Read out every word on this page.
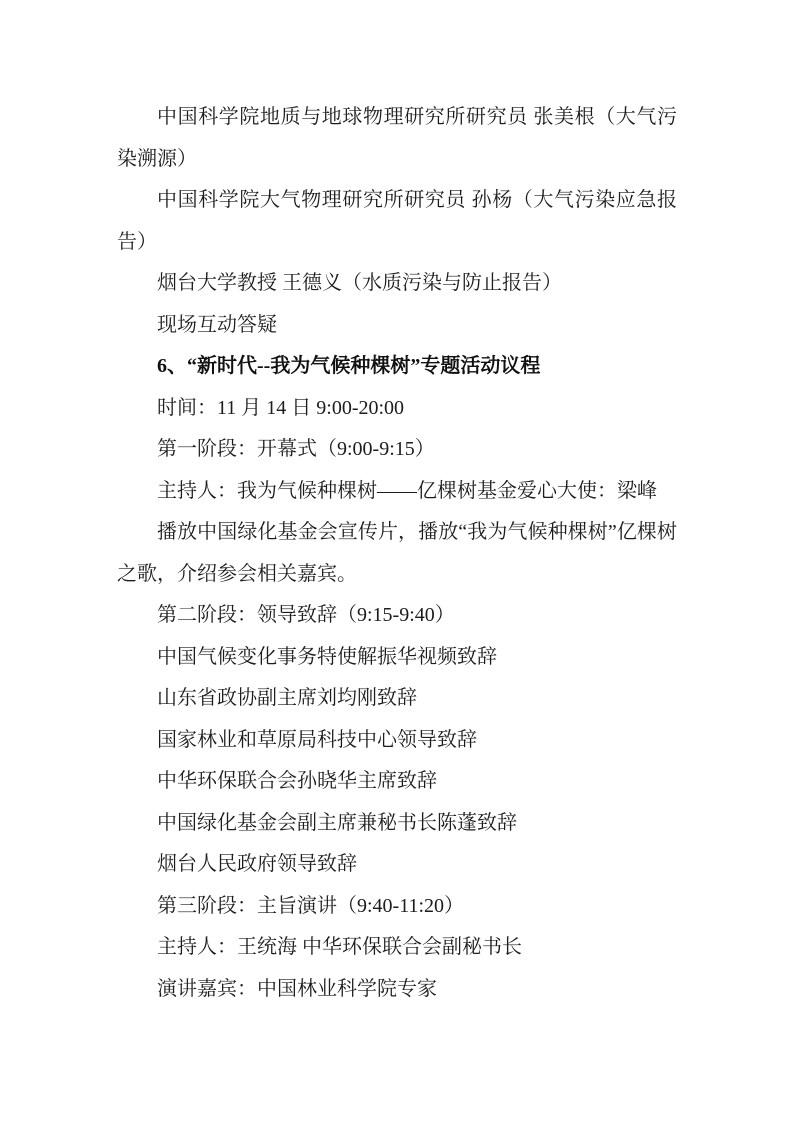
中国科学院地质与地球物理研究所研究员 张美根（大气污染溯源）

中国科学院大气物理研究所研究员 孙杨（大气污染应急报告）

烟台大学教授 王德义（水质污染与防止报告）

现场互动答疑

6、“新时代--我为气候种棵树”专题活动议程

时间：11 月 14 日 9:00-20:00

第一阶段：开幕式（9:00-9:15）

主持人：我为气候种棵树——亿棵树基金爱心大使：梁峰

播放中国绿化基金会宣传片，播放“我为气候种棵树”亿棵树之歌，介绍参会相关嘉宾。

第二阶段：领导致辞（9:15-9:40）

中国气候变化事务特使解振华视频致辞

山东省政协副主席刘均刚致辞

国家林业和草原局科技中心领导致辞

中华环保联合会孙晓华主席致辞

中国绿化基金会副主席兼秘书长陈蓬致辞

烟台人民政府领导致辞

第三阶段：主旨演讲（9:40-11:20）

主持人：王统海 中华环保联合会副秘书长

演讲嘉宾：中国林业科学院专家
